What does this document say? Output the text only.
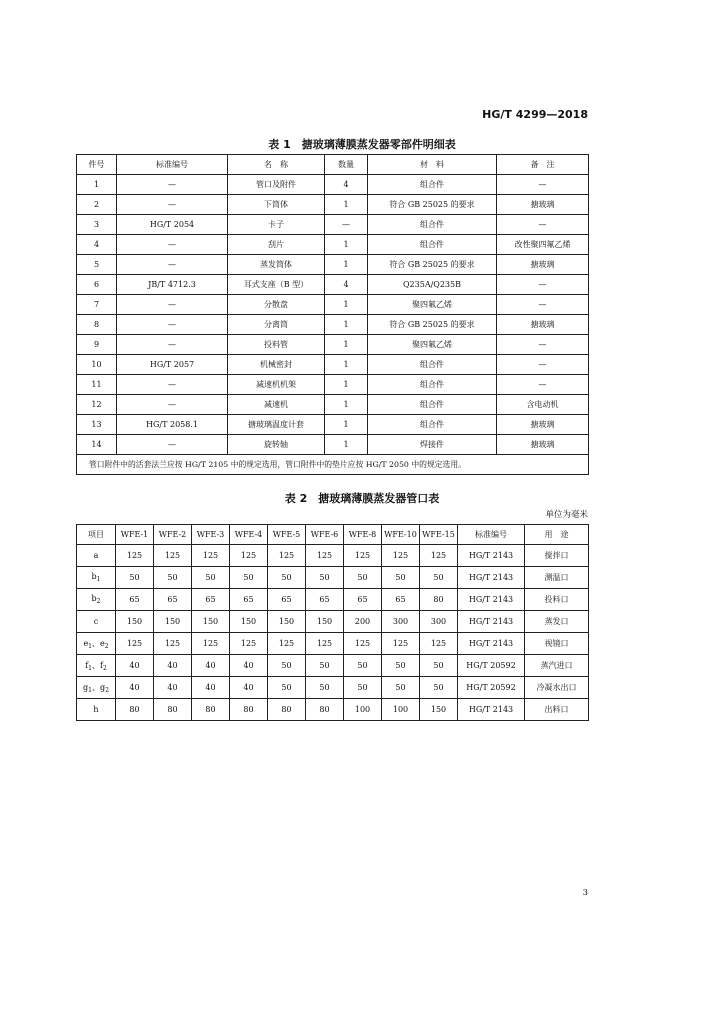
HG/T 4299—2018
表 1　搪玻璃薄膜蒸发器零部件明细表
件号	标准编号	名　称	数量	材　料	备　注
1	—	管口及附件	4	组合件	—
2	—	下筒体	1	符合 GB 25025 的要求	搪玻璃
3	HG/T 2054	卡子	—	组合件	—
4	—	刮片	1	组合件	改性聚四氟乙烯
5	—	蒸发筒体	1	符合 GB 25025 的要求	搪玻璃
6	JB/T 4712.3	耳式支座（B 型）	4	Q235A/Q235B	—
7	—	分散盘	1	聚四氟乙烯	—
8	—	分离筒	1	符合 GB 25025 的要求	搪玻璃
9	—	投料管	1	聚四氟乙烯	—
10	HG/T 2057	机械密封	1	组合件	—
11	—	减速机机架	1	组合件	—
12	—	减速机	1	组合件	含电动机
13	HG/T 2058.1	搪玻璃温度计套	1	组合件	搪玻璃
14	—	旋转轴	1	焊接件	搪玻璃
管口附件中的活套法兰应按 HG/T 2105 中的规定选用，管口附件中的垫片应按 HG/T 2050 中的规定选用。					
表 2　搪玻璃薄膜蒸发器管口表
单位为毫米
项目	WFE-1	WFE-2	WFE-3	WFE-4	WFE-5	WFE-6	WFE-8	WFE-10	WFE-15	标准编号	用　途
a	125	125	125	125	125	125	125	125	125	HG/T 2143	搅拌口
$b_1$	50	50	50	50	50	50	50	50	50	HG/T 2143	测温口
$b_2$	65	65	65	65	65	65	65	65	80	HG/T 2143	投料口
c	150	150	150	150	150	150	200	300	300	HG/T 2143	蒸发口
$e_1$、$e_2$	125	125	125	125	125	125	125	125	125	HG/T 2143	视镜口
$f_1$、$f_2$	40	40	40	40	50	50	50	50	50	HG/T 20592	蒸汽进口
$g_1$、$g_2$	40	40	40	40	50	50	50	50	50	HG/T 20592	冷凝水出口
h	80	80	80	80	80	80	100	100	150	HG/T 2143	出料口
3
